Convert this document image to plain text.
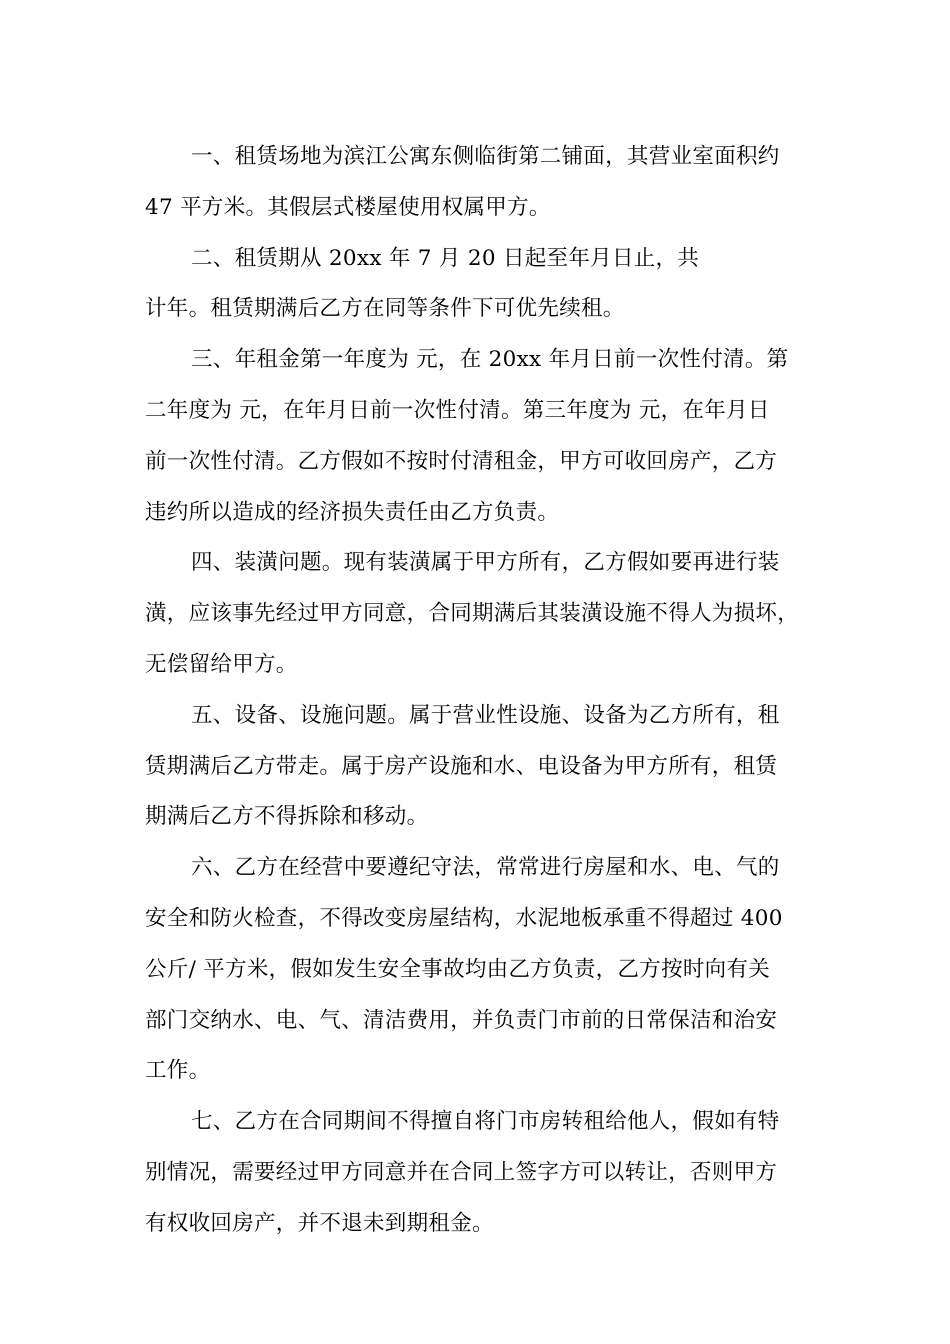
一、租赁场地为滨江公寓东侧临街第二铺面，其营业室面积约
47 平方米。其假层式楼屋使用权属甲方。
二、租赁期从 20xx 年 7 月 20 日起至年月日止，共
计年。租赁期满后乙方在同等条件下可优先续租。
三、年租金第一年度为 元，在 20xx 年月日前一次性付清。第
二年度为 元，在年月日前一次性付清。第三年度为 元，在年月日
前一次性付清。乙方假如不按时付清租金，甲方可收回房产，乙方
违约所以造成的经济损失责任由乙方负责。
四、装潢问题。现有装潢属于甲方所有，乙方假如要再进行装
潢，应该事先经过甲方同意，合同期满后其装潢设施不得人为损坏，
无偿留给甲方。
五、设备、设施问题。属于营业性设施、设备为乙方所有，租
赁期满后乙方带走。属于房产设施和水、电设备为甲方所有，租赁
期满后乙方不得拆除和移动。
六、乙方在经营中要遵纪守法，常常进行房屋和水、电、气的
安全和防火检查，不得改变房屋结构，水泥地板承重不得超过 400
公斤/ 平方米，假如发生安全事故均由乙方负责，乙方按时向有关
部门交纳水、电、气、清洁费用，并负责门市前的日常保洁和治安
工作。
七、乙方在合同期间不得擅自将门市房转租给他人，假如有特
别情况，需要经过甲方同意并在合同上签字方可以转让，否则甲方
有权收回房产，并不退未到期租金。
